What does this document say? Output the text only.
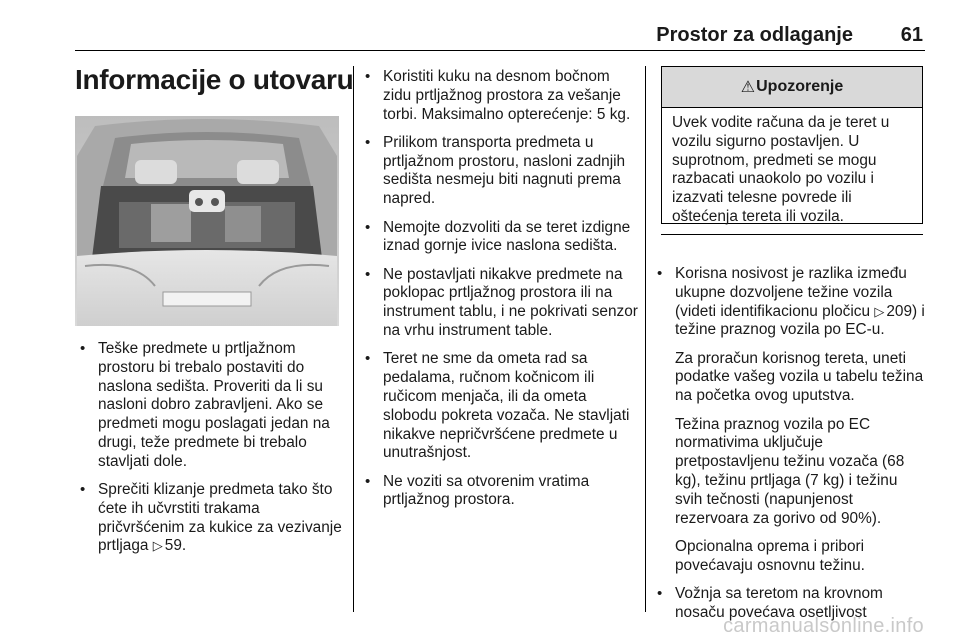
Prostor za odlaganje 61
Informacije o utovaru
• Teške predmete u prtljažnom prostoru bi trebalo postaviti do naslona sedišta. Proveriti da li su nasloni dobro zabravljeni. Ako se predmeti mogu poslagati jedan na drugi, teže predmete bi trebalo stavljati dole.
• Sprečiti klizanje predmeta tako što ćete ih učvrstiti trakama pričvršćenim za kukice za vezivanje prtljaga ▷ 59.
• Koristiti kuku na desnom bočnom zidu prtljažnog prostora za vešanje torbi. Maksimalno opterećenje: 5 kg.
• Prilikom transporta predmeta u prtljažnom prostoru, nasloni zadnjih sedišta nesmeju biti nagnuti prema napred.
• Nemojte dozvoliti da se teret izdigne iznad gornje ivice naslona sedišta.
• Ne postavljati nikakve predmete na poklopac prtljažnog prostora ili na instrument tablu, i ne pokrivati senzor na vrhu instrument table.
• Teret ne sme da ometa rad sa pedalama, ručnom kočnicom ili ručicom menjača, ili da ometa slobodu pokreta vozača. Ne stavljati nikakve nepričvršćene predmete u unutrašnjost.
• Ne voziti sa otvorenim vratima prtljažnog prostora.
⚠ Upozorenje
Uvek vodite računa da je teret u vozilu sigurno postavljen. U suprotnom, predmeti se mogu razbacati unaokolo po vozilu i izazvati telesne povrede ili oštećenja tereta ili vozila.
• Korisna nosivost je razlika između ukupne dozvoljene težine vozila (videti identifikacionu pločicu ▷ 209) i težine praznog vozila po EC-u.

Za proračun korisnog tereta, uneti podatke vašeg vozila u tabelu težina na početka ovog uputstva.

Težina praznog vozila po EC normativima uključuje pretpostavljenu težinu vozača (68 kg), težinu prtljaga (7 kg) i težinu svih tečnosti (napunjenost rezervoara za gorivo od 90%).

Opcionalna oprema i pribori povećavaju osnovnu težinu.

• Vožnja sa teretom na krovnom nosaču povećava osetljivost
carmanualsonline.info
